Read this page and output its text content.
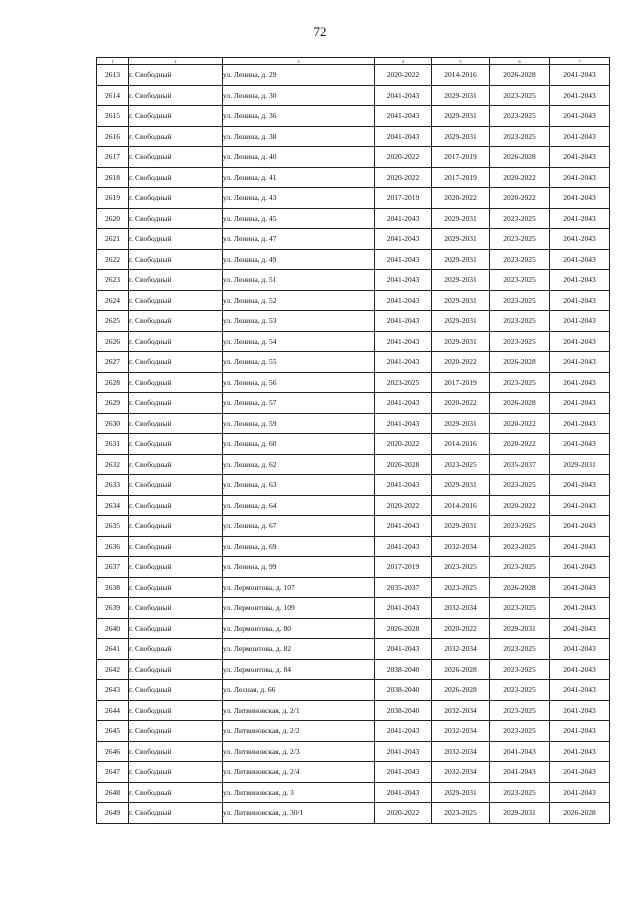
72
1	2	3	4	5	6	7
2613	г. Свободный	ул. Ленина, д. 29	2020-2022	2014-2016	2026-2028	2041-2043
2614	г. Свободный	ул. Ленина, д. 30	2041-2043	2029-2031	2023-2025	2041-2043
2615	г. Свободный	ул. Ленина, д. 36	2041-2043	2029-2031	2023-2025	2041-2043
2616	г. Свободный	ул. Ленина, д. 38	2041-2043	2029-2031	2023-2025	2041-2043
2617	г. Свободный	ул. Ленина, д. 40	2020-2022	2017-2019	2026-2028	2041-2043
2618	г. Свободный	ул. Ленина, д. 41	2020-2022	2017-2019	2020-2022	2041-2043
2619	г. Свободный	ул. Ленина, д. 43	2017-2019	2020-2022	2020-2022	2041-2043
2620	г. Свободный	ул. Ленина, д. 45	2041-2043	2029-2031	2023-2025	2041-2043
2621	г. Свободный	ул. Ленина, д. 47	2041-2043	2029-2031	2023-2025	2041-2043
2622	г. Свободный	ул. Ленина, д. 49	2041-2043	2029-2031	2023-2025	2041-2043
2623	г. Свободный	ул. Ленина, д. 51	2041-2043	2029-2031	2023-2025	2041-2043
2624	г. Свободный	ул. Ленина, д. 52	2041-2043	2029-2031	2023-2025	2041-2043
2625	г. Свободный	ул. Ленина, д. 53	2041-2043	2029-2031	2023-2025	2041-2043
2626	г. Свободный	ул. Ленина, д. 54	2041-2043	2029-2031	2023-2025	2041-2043
2627	г. Свободный	ул. Ленина, д. 55	2041-2043	2020-2022	2026-2028	2041-2043
2628	г. Свободный	ул. Ленина, д. 56	2023-2025	2017-2019	2023-2025	2041-2043
2629	г. Свободный	ул. Ленина, д. 57	2041-2043	2020-2022	2026-2028	2041-2043
2630	г. Свободный	ул. Ленина, д. 59	2041-2043	2029-2031	2020-2022	2041-2043
2631	г. Свободный	ул. Ленина, д. 60	2020-2022	2014-2016	2020-2022	2041-2043
2632	г. Свободный	ул. Ленина, д. 62	2026-2028	2023-2025	2035-2037	2029-2031
2633	г. Свободный	ул. Ленина, д. 63	2041-2043	2029-2031	2023-2025	2041-2043
2634	г. Свободный	ул. Ленина, д. 64	2020-2022	2014-2016	2020-2022	2041-2043
2635	г. Свободный	ул. Ленина, д. 67	2041-2043	2029-2031	2023-2025	2041-2043
2636	г. Свободный	ул. Ленина, д. 69	2041-2043	2032-2034	2023-2025	2041-2043
2637	г. Свободный	ул. Ленина, д. 99	2017-2019	2023-2025	2023-2025	2041-2043
2638	г. Свободный	ул. Лермонтова, д. 107	2035-2037	2023-2025	2026-2028	2041-2043
2639	г. Свободный	ул. Лермонтова, д. 109	2041-2043	2032-2034	2023-2025	2041-2043
2640	г. Свободный	ул. Лермонтова, д. 80	2026-2028	2020-2022	2029-2031	2041-2043
2641	г. Свободный	ул. Лермонтова, д. 82	2041-2043	2032-2034	2023-2025	2041-2043
2642	г. Свободный	ул. Лермонтова, д. 84	2038-2040	2026-2028	2023-2025	2041-2043
2643	г. Свободный	ул. Лесная, д. 66	2038-2040	2026-2028	2023-2025	2041-2043
2644	г. Свободный	ул. Литвиновская, д. 2/1	2038-2040	2032-2034	2023-2025	2041-2043
2645	г. Свободный	ул. Литвиновская, д. 2/2	2041-2043	2032-2034	2023-2025	2041-2043
2646	г. Свободный	ул. Литвиновская, д. 2/3	2041-2043	2032-2034	2041-2043	2041-2043
2647	г. Свободный	ул. Литвиновская, д. 2/4	2041-2043	2032-2034	2041-2043	2041-2043
2648	г. Свободный	ул. Литвиновская, д. 3	2041-2043	2029-2031	2023-2025	2041-2043
2649	г. Свободный	ул. Литвиновская, д. 30/1	2020-2022	2023-2025	2029-2031	2026-2028
